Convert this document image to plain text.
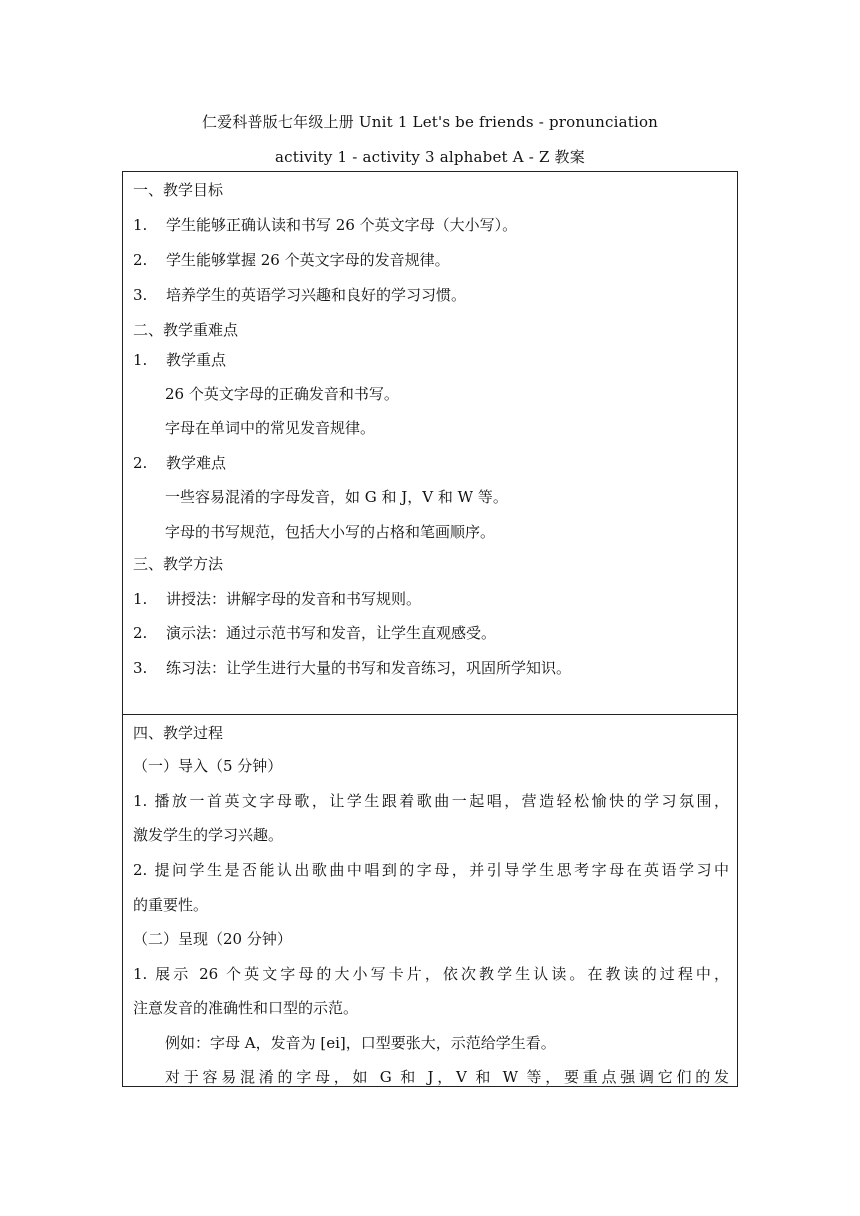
仁爱科普版七年级上册 Unit 1 Let's be friends - pronunciation
activity 1 - activity 3 alphabet A - Z 教案
一、教学目标
1. 学生能够正确认读和书写 26 个英文字母（大小写）。
2. 学生能够掌握 26 个英文字母的发音规律。
3. 培养学生的英语学习兴趣和良好的学习习惯。
二、教学重难点
1. 教学重点
26 个英文字母的正确发音和书写。
字母在单词中的常见发音规律。
2. 教学难点
一些容易混淆的字母发音，如 G 和 J，V 和 W 等。
字母的书写规范，包括大小写的占格和笔画顺序。
三、教学方法
1. 讲授法：讲解字母的发音和书写规则。
2. 演示法：通过示范书写和发音，让学生直观感受。
3. 练习法：让学生进行大量的书写和发音练习，巩固所学知识。
四、教学过程
（一）导入（5 分钟）
1. 播放一首英文字母歌，让学生跟着歌曲一起唱，营造轻松愉快的学习氛围，
激发学生的学习兴趣。
2. 提问学生是否能认出歌曲中唱到的字母，并引导学生思考字母在英语学习中
的重要性。
（二）呈现（20 分钟）
1. 展示 26 个英文字母的大小写卡片，依次教学生认读。在教读的过程中，
注意发音的准确性和口型的示范。
例如：字母 A，发音为 [ei]，口型要张大，示范给学生看。
对于容易混淆的字母，如 G 和 J，V 和 W 等，要重点强调它们的发
